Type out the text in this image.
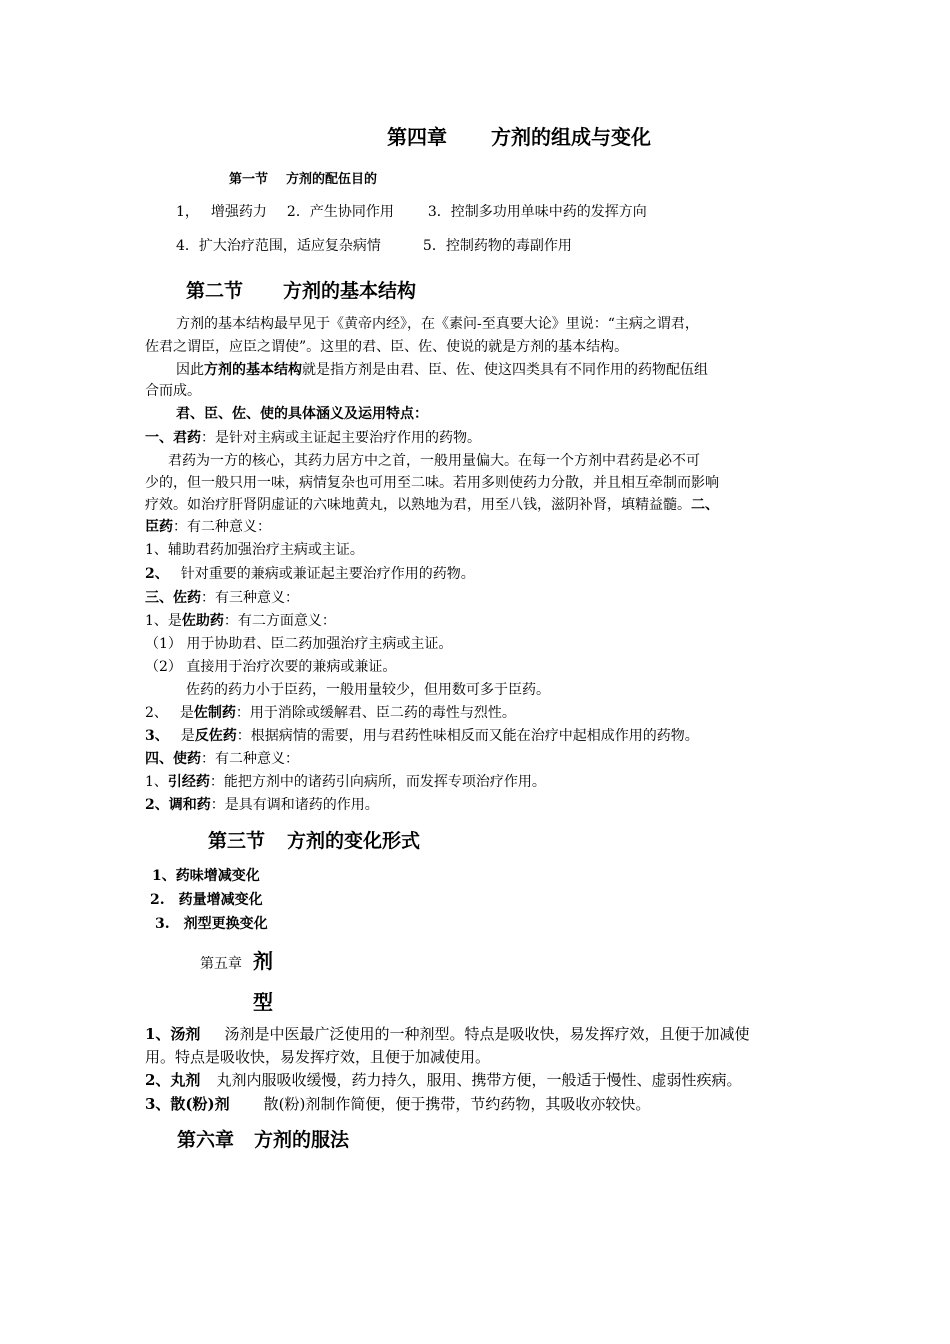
第四章 方剂的组成与变化
第一节 方剂的配伍目的
1， 增强药力 2．产生协同作用 3．控制多功用单味中药的发挥方向
4．扩大治疗范围，适应复杂病情	5．控制药物的毒副作用
第二节 方剂的基本结构
方剂的基本结构最早见于《黄帝内经》，在《素问-至真要大论》里说：“主病之谓君，
佐君之谓臣，应臣之谓使”。这里的君、臣、佐、使说的就是方剂的基本结构。
因此方剂的基本结构就是指方剂是由君、臣、佐、使这四类具有不同作用的药物配伍组
合而成。
君、臣、佐、使的具体涵义及运用特点：
一、君药：是针对主病或主证起主要治疗作用的药物。
君药为一方的核心，其药力居方中之首，一般用量偏大。在每一个方剂中君药是必不可
少的，但一般只用一味，病情复杂也可用至二味。若用多则使药力分散，并且相互牵制而影响
疗效。如治疗肝肾阴虚证的六味地黄丸，以熟地为君，用至八钱，滋阴补肾，填精益髓。二、
臣药：有二种意义：
1、辅助君药加强治疗主病或主证。
2、 针对重要的兼病或兼证起主要治疗作用的药物。
三、佐药：有三种意义：
1、是佐助药：有二方面意义：
（1） 用于协助君、臣二药加强治疗主病或主证。
（2） 直接用于治疗次要的兼病或兼证。
佐药的药力小于臣药，一般用量较少，但用数可多于臣药。
2、 是佐制药：用于消除或缓解君、臣二药的毒性与烈性。
3、 是反佐药：根据病情的需要，用与君药性味相反而又能在治疗中起相成作用的药物。
四、使药：有二种意义：
1、引经药：能把方剂中的诸药引向病所，而发挥专项治疗作用。
2、调和药：是具有调和诸药的作用。
第三节 方剂的变化形式
1、药味增减变化
2.　药量增减变化
3.　剂型更换变化
第五章 剂
型
1、汤剂 汤剂是中医最广泛使用的一种剂型。特点是吸收快，易发挥疗效，且便于加减使
用。特点是吸收快，易发挥疗效，且便于加减使用。
2、丸剂 丸剂内服吸收缓慢，药力持久，服用、携带方便，一般适于慢性、虚弱性疾病。
3、散(粉)剂 散(粉)剂制作简便，便于携带，节约药物，其吸收亦较快。
第六章 方剂的服法
